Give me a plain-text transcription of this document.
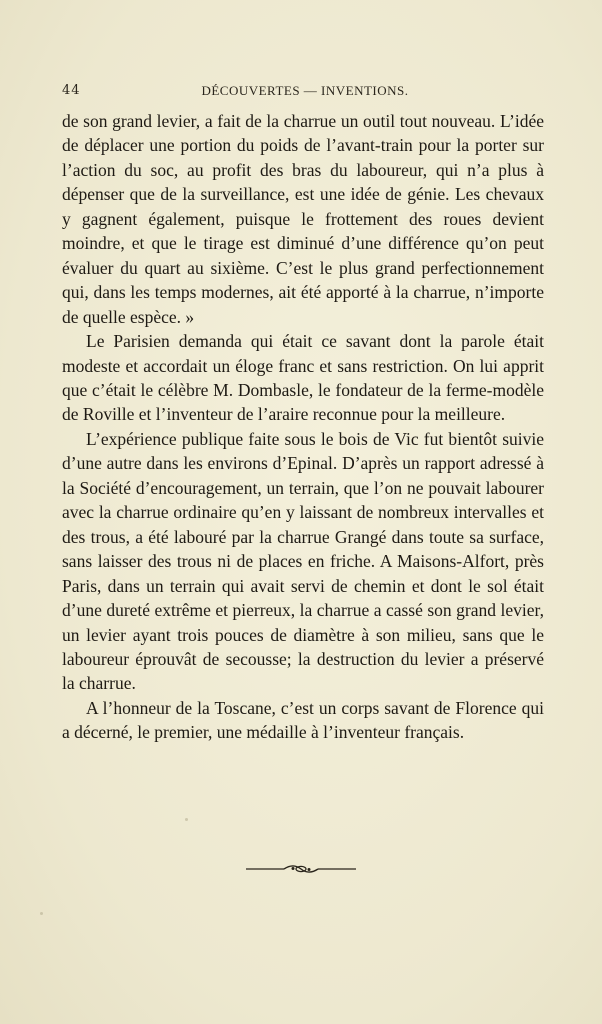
44	DÉCOUVERTES — INVENTIONS.

de son grand levier, a fait de la charrue un outil tout nouveau. L’idée de déplacer une portion du poids de l’avant-train pour la porter sur l’action du soc, au profit des bras du laboureur, qui n’a plus à dépenser que de la surveillance, est une idée de génie. Les chevaux y gagnent également, puisque le frottement des roues devient moindre, et que le tirage est diminué d’une différence qu’on peut évaluer du quart au sixième. C’est le plus grand perfectionnement qui, dans les temps modernes, ait été apporté à la charrue, n’importe de quelle espèce. »

Le Parisien demanda qui était ce savant dont la parole était modeste et accordait un éloge franc et sans restriction. On lui apprit que c’était le célèbre M. Dombasle, le fondateur de la ferme-modèle de Roville et l’inventeur de l’araire reconnue pour la meilleure.

L’expérience publique faite sous le bois de Vic fut bientôt suivie d’une autre dans les environs d’Epinal. D’après un rapport adressé à la Société d’encouragement, un terrain, que l’on ne pouvait labourer avec la charrue ordinaire qu’en y laissant de nombreux intervalles et des trous, a été labouré par la charrue Grangé dans toute sa surface, sans laisser des trous ni de places en friche. A Maisons-Alfort, près Paris, dans un terrain qui avait servi de chemin et dont le sol était d’une dureté extrême et pierreux, la charrue a cassé son grand levier, un levier ayant trois pouces de diamètre à son milieu, sans que le laboureur éprouvât de secousse; la destruction du levier a préservé la charrue.

A l’honneur de la Toscane, c’est un corps savant de Florence qui a décerné, le premier, une médaille à l’inventeur français.
